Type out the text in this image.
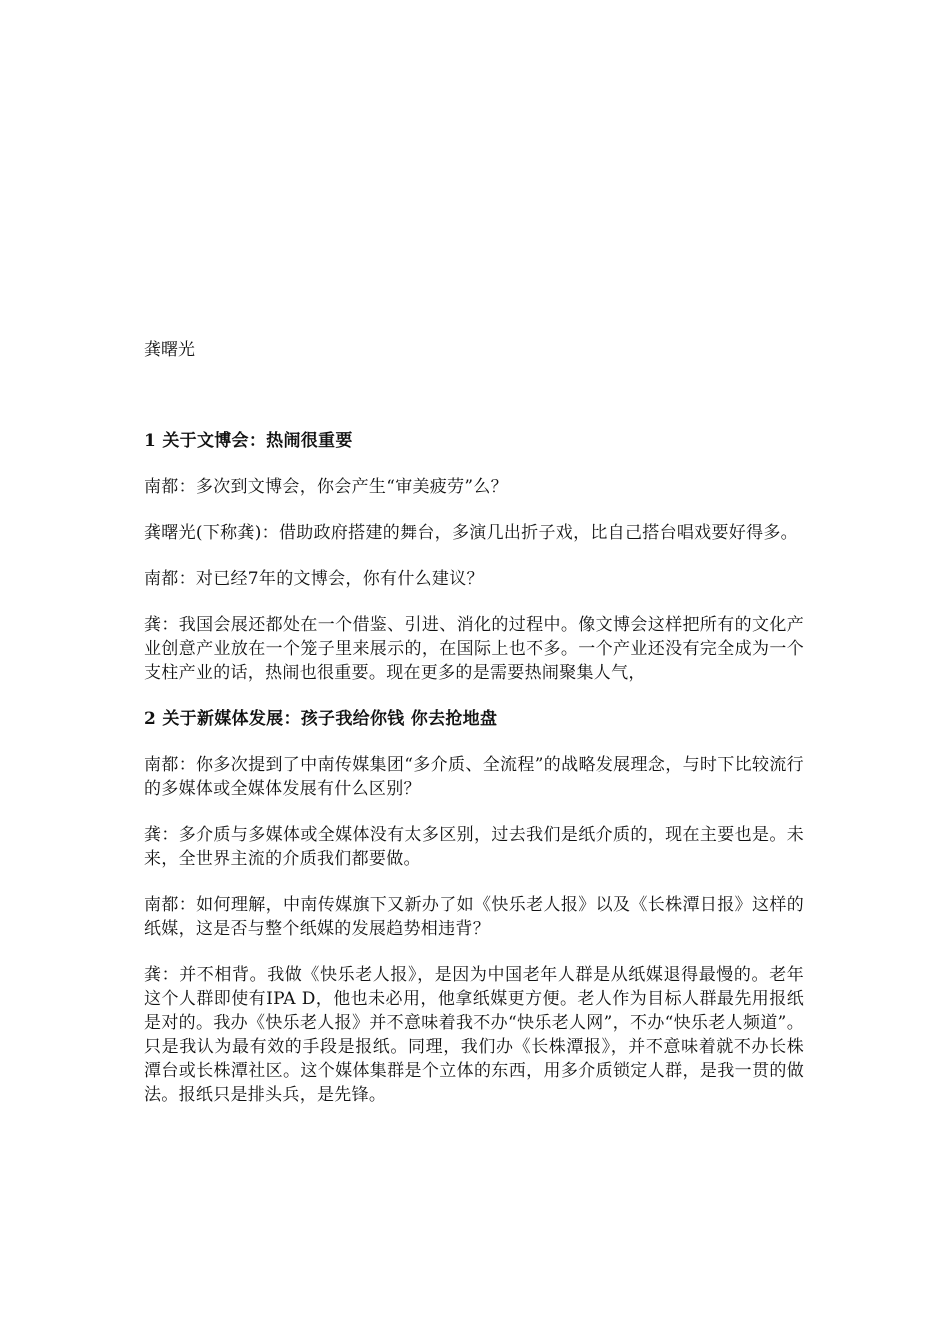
龚曙光

1 关于文博会：热闹很重要

南都：多次到文博会，你会产生“审美疲劳”么？

龚曙光(下称龚)：借助政府搭建的舞台，多演几出折子戏，比自己搭台唱戏要好得多。

南都：对已经7年的文博会，你有什么建议？

龚：我国会展还都处在一个借鉴、引进、消化的过程中。像文博会这样把所有的文化产业创意产业放在一个笼子里来展示的，在国际上也不多。一个产业还没有完全成为一个支柱产业的话，热闹也很重要。现在更多的是需要热闹聚集人气，

2 关于新媒体发展：孩子我给你钱 你去抢地盘

南都：你多次提到了中南传媒集团“多介质、全流程”的战略发展理念，与时下比较流行的多媒体或全媒体发展有什么区别？

龚：多介质与多媒体或全媒体没有太多区别，过去我们是纸介质的，现在主要也是。未来，全世界主流的介质我们都要做。

南都：如何理解，中南传媒旗下又新办了如《快乐老人报》以及《长株潭日报》这样的纸媒，这是否与整个纸媒的发展趋势相违背？

龚：并不相背。我做《快乐老人报》，是因为中国老年人群是从纸媒退得最慢的。老年这个人群即使有IPA D，他也未必用，他拿纸媒更方便。老人作为目标人群最先用报纸是对的。我办《快乐老人报》并不意味着我不办“快乐老人网”，不办“快乐老人频道”。只是我认为最有效的手段是报纸。同理，我们办《长株潭报》，并不意味着就不办长株潭台或长株潭社区。这个媒体集群是个立体的东西，用多介质锁定人群，是我一贯的做法。报纸只是排头兵，是先锋。
